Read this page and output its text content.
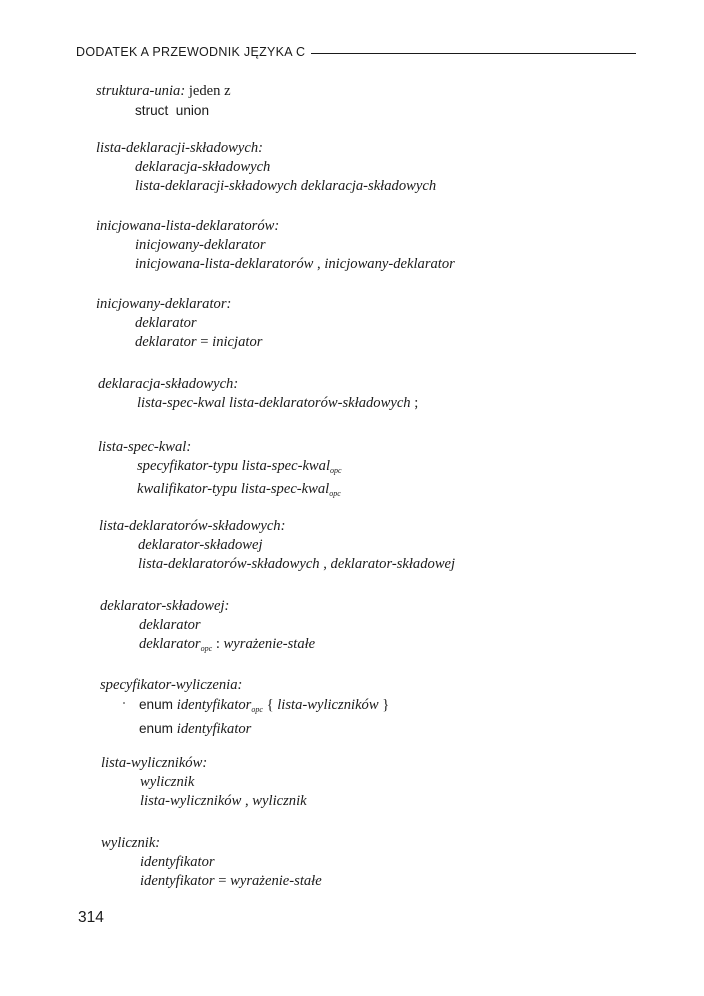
DODATEK A PRZEWODNIK JĘZYKA C
struktura-unia: jeden z
struct  union
lista-deklaracji-składowych:
deklaracja-składowych
lista-deklaracji-składowych deklaracja-składowych
inicjowana-lista-deklaratorów:
inicjowany-deklarator
inicjowana-lista-deklaratorów , inicjowany-deklarator
inicjowany-deklarator:
deklarator
deklarator = inicjator
deklaracja-składowych:
lista-spec-kwal lista-deklaratorów-składowych ;
lista-spec-kwal:
specyfikator-typu lista-spec-kwal$_{opc}$
kwalifikator-typu lista-spec-kwal$_{opc}$
lista-deklaratorów-składowych:
deklarator-składowej
lista-deklaratorów-składowych , deklarator-składowej
deklarator-składowej:
deklarator
deklarator$_{opc}$ : wyrażenie-stałe
specyfikator-wyliczenia:
enum identyfikator$_{opc}$ { lista-wyliczników }
enum identyfikator
lista-wyliczników:
wylicznik
lista-wyliczników , wylicznik
wylicznik:
identyfikator
identyfikator = wyrażenie-stałe
314
